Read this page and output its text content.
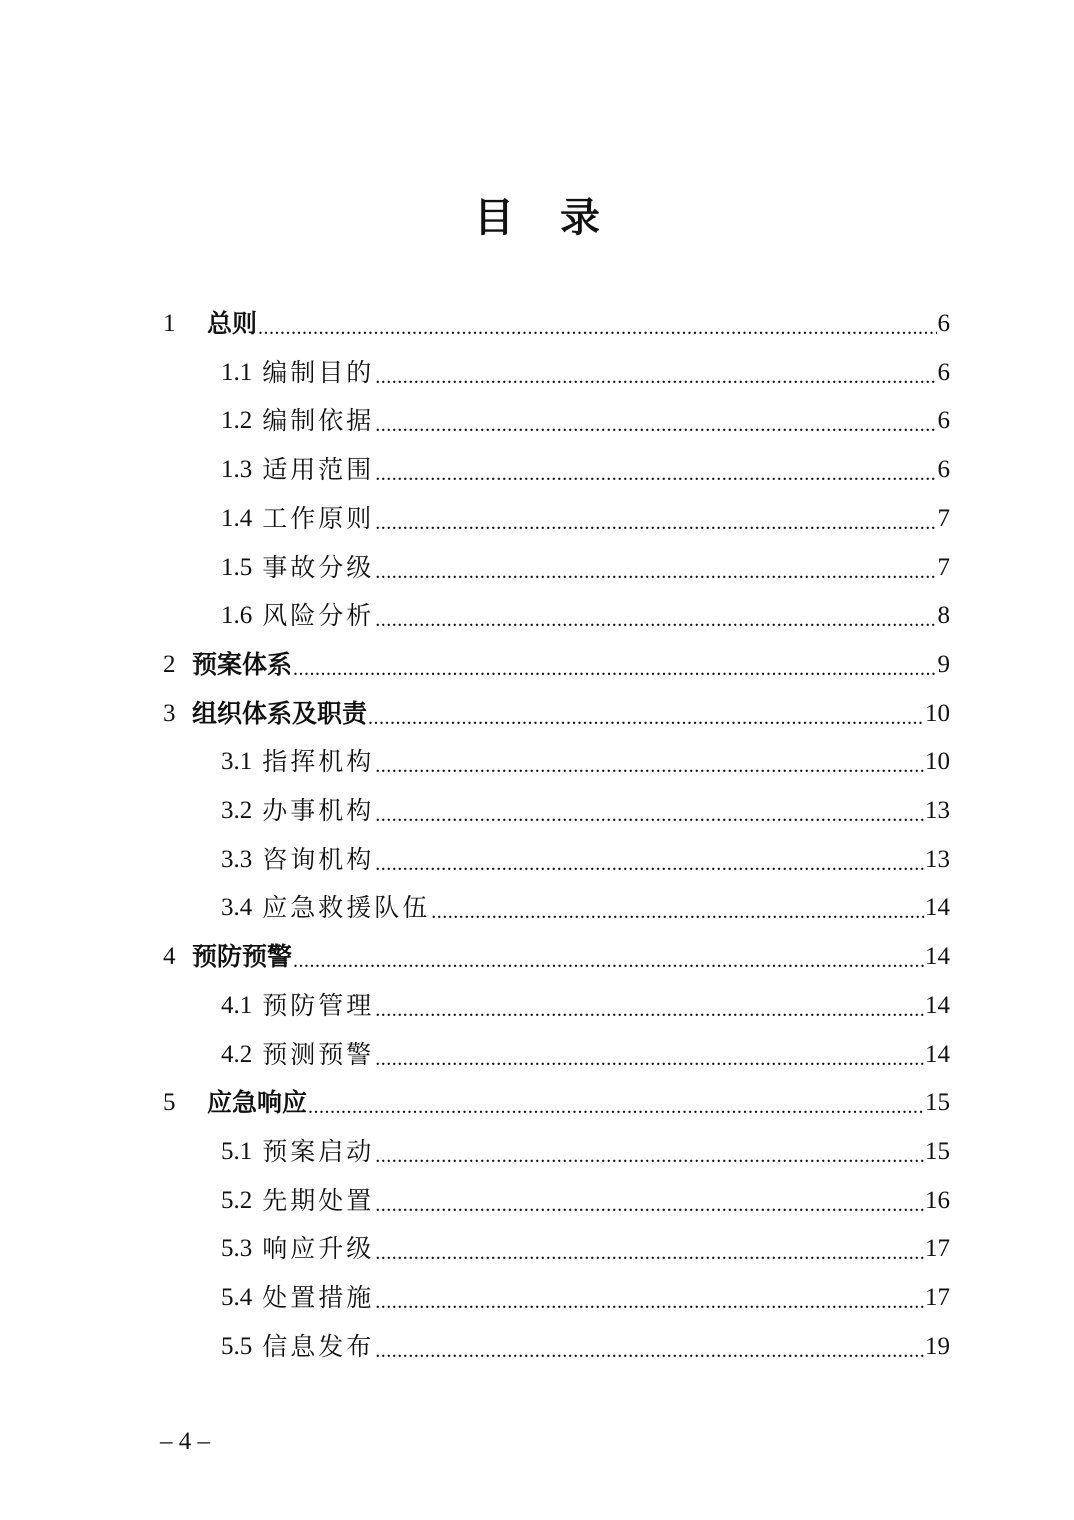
目 录
1	总则 .....	6
1.1 编制目的 .....	6
1.2 编制依据 .....	6
1.3 适用范围 .....	6
1.4 工作原则 .....	7
1.5 事故分级 .....	7
1.6 风险分析 .....	8
2 预案体系 .....	9
3 组织体系及职责 .....	10
3.1 指挥机构 .....	10
3.2 办事机构 .....	13
3.3 咨询机构 .....	13
3.4 应急救援队伍 .....	14
4 预防预警 .....	14
4.1 预防管理 .....	14
4.2 预测预警 .....	14
5	应急响应 .....	15
5.1 预案启动 .....	15
5.2 先期处置 .....	16
5.3 响应升级 .....	17
5.4 处置措施 .....	17
5.5 信息发布 .....	19
– 4 –
